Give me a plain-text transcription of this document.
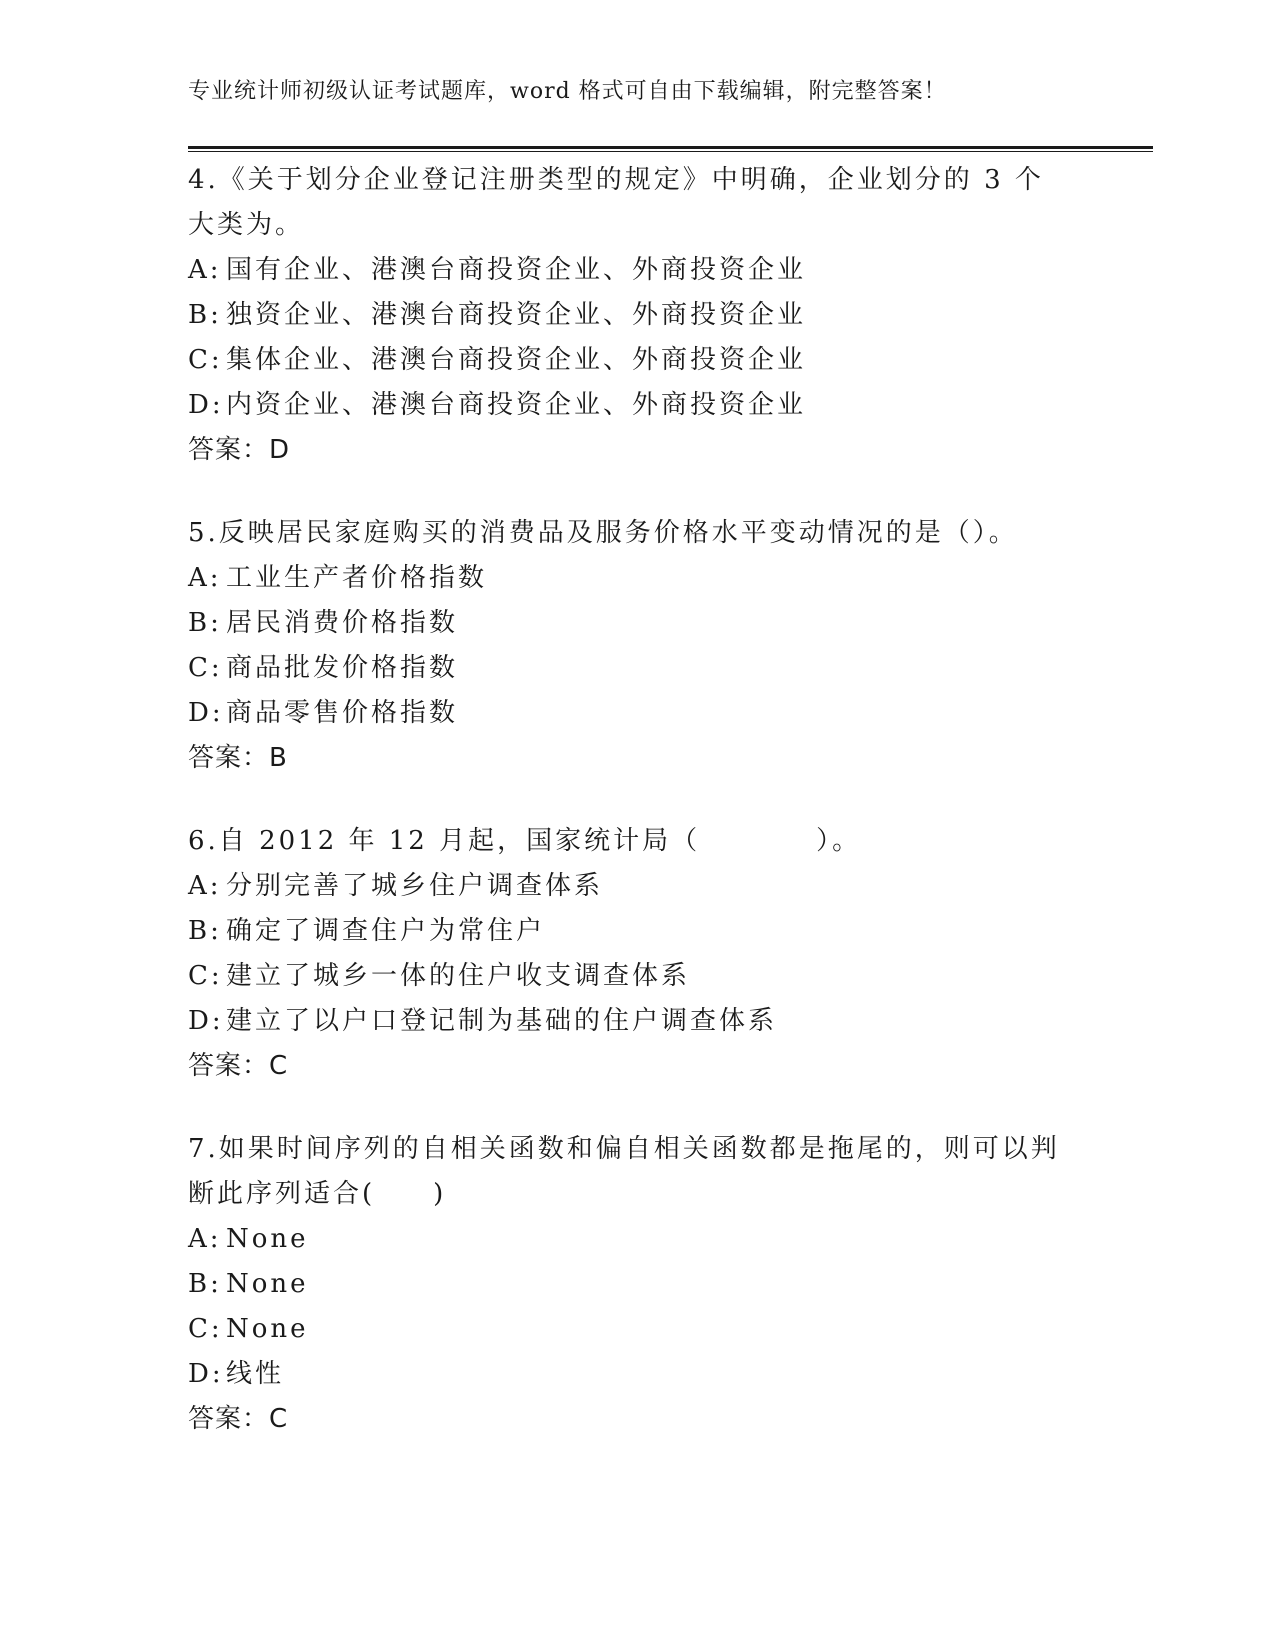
专业统计师初级认证考试题库，word 格式可自由下载编辑，附完整答案！

4.《关于划分企业登记注册类型的规定》中明确，企业划分的 3 个大类为。

A: 国有企业、港澳台商投资企业、外商投资企业
B: 独资企业、港澳台商投资企业、外商投资企业
C: 集体企业、港澳台商投资企业、外商投资企业
D:内资企业、港澳台商投资企业、外商投资企业
答案：D

5.反映居民家庭购买的消费品及服务价格水平变动情况的是（）。

A: 工业生产者价格指数
B: 居民消费价格指数
C: 商品批发价格指数
D:商品零售价格指数
答案：B

6.自 2012 年 12 月起，国家统计局（　　　　）。

A: 分别完善了城乡住户调查体系
B: 确定了调查住户为常住户
C: 建立了城乡一体的住户收支调查体系
D:建立了以户口登记制为基础的住户调查体系
答案：C

7.如果时间序列的自相关函数和偏自相关函数都是拖尾的，则可以判断此序列适合(　　)

A: None
B: None
C: None
D:线性
答案：C
